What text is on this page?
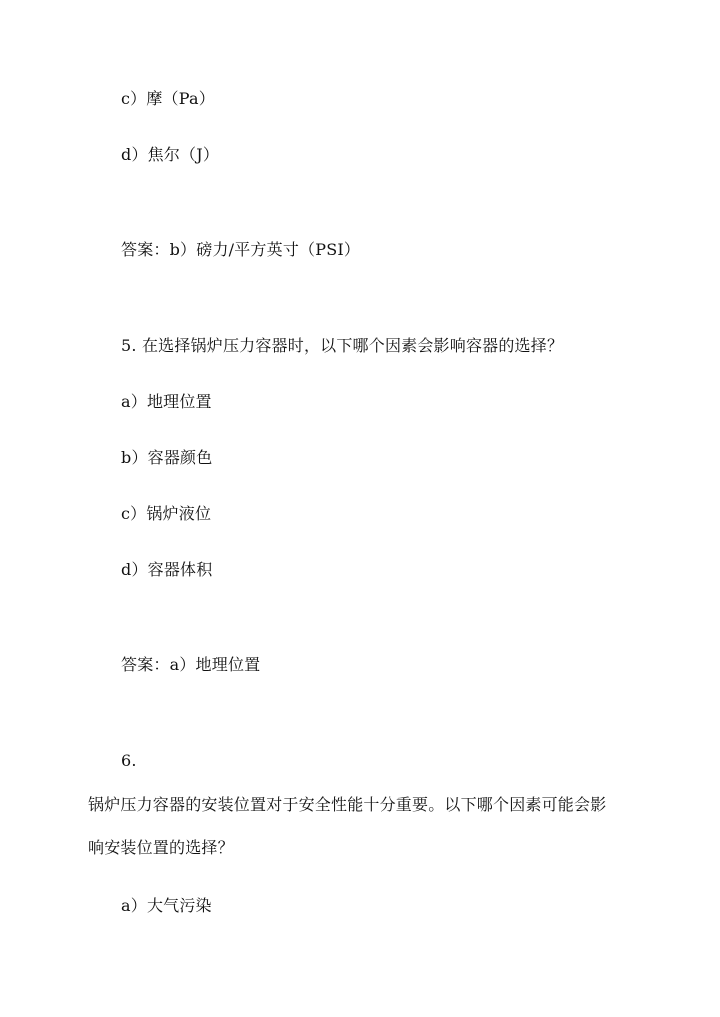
c）摩（Pa）
d）焦尔（J）
答案：b）磅力/平方英寸（PSI）
5. 在选择锅炉压力容器时，以下哪个因素会影响容器的选择？
a）地理位置
b）容器颜色
c）锅炉液位
d）容器体积
答案：a）地理位置
6.
锅炉压力容器的安装位置对于安全性能十分重要。以下哪个因素可能会影
响安装位置的选择？
a）大气污染
